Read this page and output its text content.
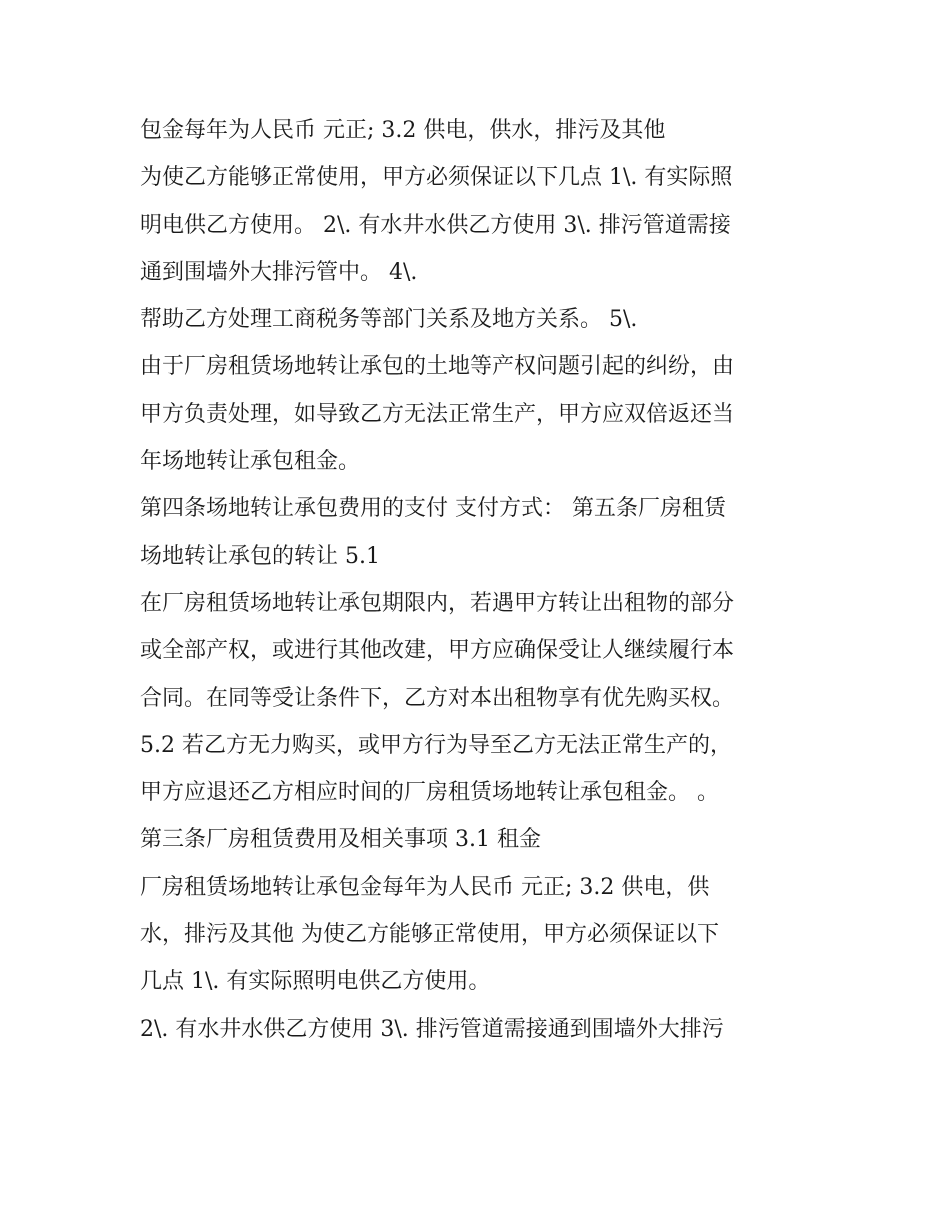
包金每年为人民币 元正; 3.2 供电，供水，排污及其他
为使乙方能够正常使用，甲方必须保证以下几点 1\. 有实际照
明电供乙方使用。 2\. 有水井水供乙方使用 3\. 排污管道需接
通到围墙外大排污管中。 4\.
帮助乙方处理工商税务等部门关系及地方关系。 5\.
由于厂房租赁场地转让承包的土地等产权问题引起的纠纷，由
甲方负责处理，如导致乙方无法正常生产，甲方应双倍返还当
年场地转让承包租金。
第四条场地转让承包费用的支付 支付方式： 第五条厂房租赁
场地转让承包的转让 5.1
在厂房租赁场地转让承包期限内，若遇甲方转让出租物的部分
或全部产权，或进行其他改建，甲方应确保受让人继续履行本
合同。在同等受让条件下，乙方对本出租物享有优先购买权。
5.2 若乙方无力购买，或甲方行为导至乙方无法正常生产的，
甲方应退还乙方相应时间的厂房租赁场地转让承包租金。 。
第三条厂房租赁费用及相关事项 3.1 租金
厂房租赁场地转让承包金每年为人民币 元正; 3.2 供电，供
水，排污及其他 为使乙方能够正常使用，甲方必须保证以下
几点 1\. 有实际照明电供乙方使用。
2\. 有水井水供乙方使用 3\. 排污管道需接通到围墙外大排污
